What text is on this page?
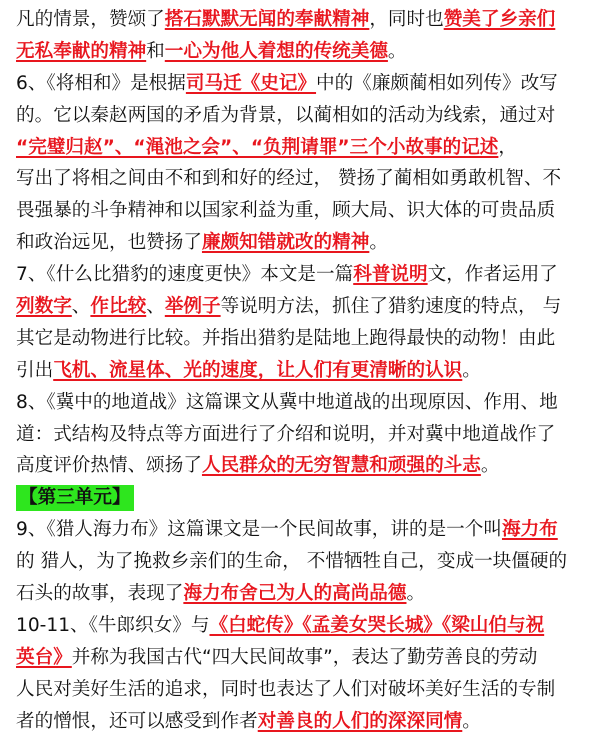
凡的情景，赞颂了搭石默默无闻的奉献精神，同时也赞美了乡亲们
无私奉献的精神和一心为他人着想的传统美德。
6、《将相和》是根据司马迁《史记》中的《廉颇蔺相如列传》改写
的。它以秦赵两国的矛盾为背景，以蔺相如的活动为线索，通过对
“完璧归赵”、“渑池之会”、“负荆请罪”三个小故事的记述，
写出了将相之间由不和到和好的经过， 赞扬了蔺相如勇敢机智、不
畏强暴的斗争精神和以国家利益为重，顾大局、识大体的可贵品质
和政治远见，也赞扬了廉颇知错就改的精神。
7、《什么比猎豹的速度更快》本文是一篇科普说明文，作者运用了
列数字、作比较、举例子等说明方法，抓住了猎豹速度的特点， 与
其它是动物进行比较。并指出猎豹是陆地上跑得最快的动物！由此
引出飞机、流星体、光的速度，让人们有更清晰的认识。
8、《冀中的地道战》这篇课文从冀中地道战的出现原因、作用、地
道：式结构及特点等方面进行了介绍和说明，并对冀中地道战作了
高度评价热情、颂扬了人民群众的无穷智慧和顽强的斗志。
【第三单元】
9、《猎人海力布》这篇课文是一个民间故事，讲的是一个叫海力布
的 猎人，为了挽救乡亲们的生命， 不惜牺牲自己，变成一块僵硬的
石头的故事，表现了海力布舍己为人的高尚品德。
10-11、《牛郎织女》与《白蛇传》《孟姜女哭长城》《梁山伯与祝
英台》并称为我国古代“四大民间故事”，表达了勤劳善良的劳动
人民对美好生活的追求，同时也表达了人们对破坏美好生活的专制
者的憎恨，还可以感受到作者对善良的人们的深深同情。
